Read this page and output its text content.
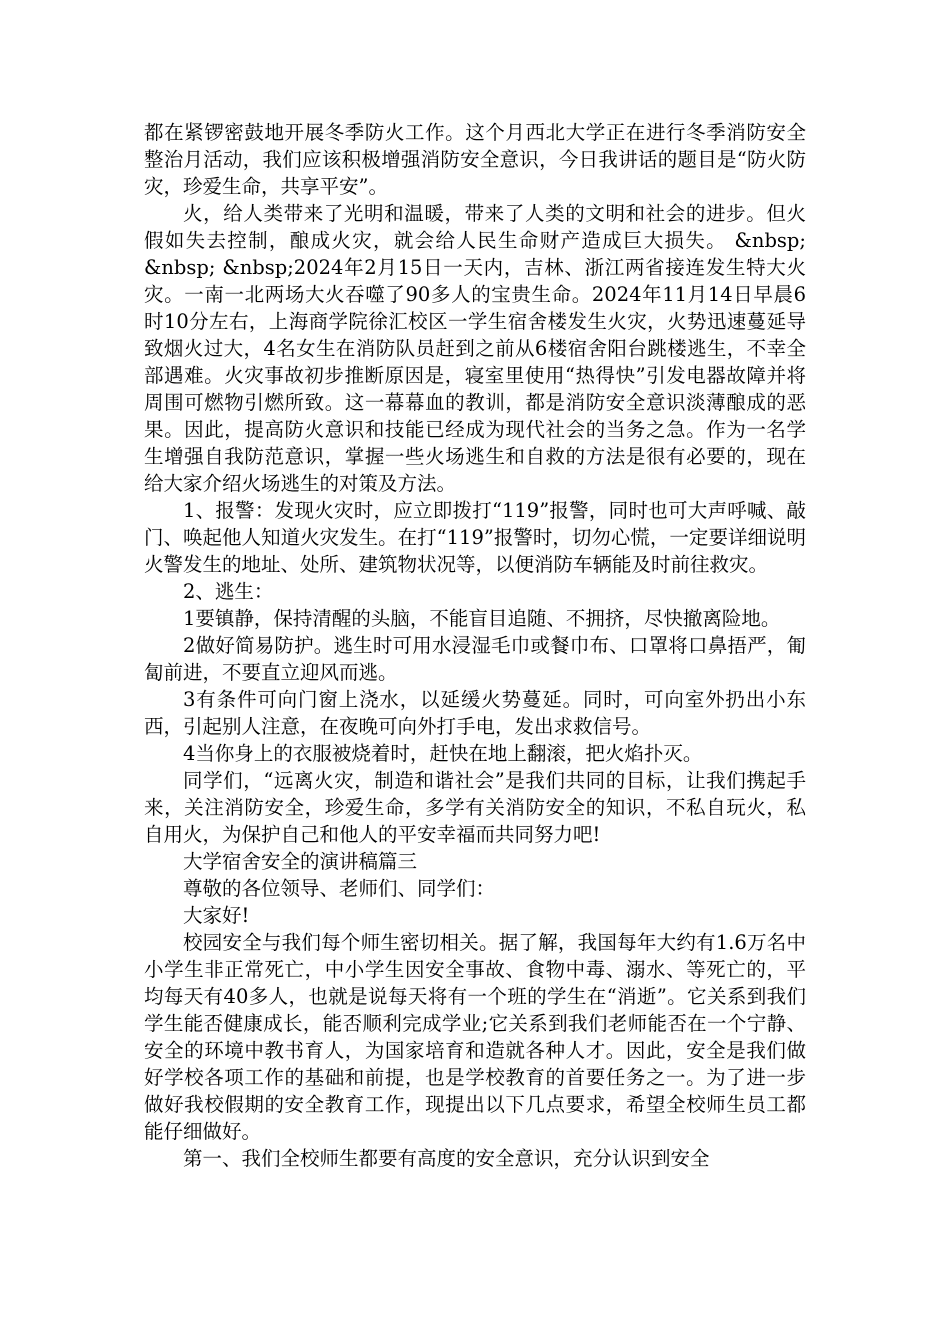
都在紧锣密鼓地开展冬季防火工作。这个月西北大学正在进行冬季消防安全整治月活动，我们应该积极增强消防安全意识，今日我讲话的题目是“防火防灾，珍爱生命，共享平安”。

火，给人类带来了光明和温暖，带来了人类的文明和社会的进步。但火假如失去控制，酿成火灾，就会给人民生命财产造成巨大损失。 &nbsp; &nbsp; &nbsp;2024年2月15日一天内，吉林、浙江两省接连发生特大火灾。一南一北两场大火吞噬了90多人的宝贵生命。2024年11月14日早晨6时10分左右，上海商学院徐汇校区一学生宿舍楼发生火灾，火势迅速蔓延导致烟火过大，4名女生在消防队员赶到之前从6楼宿舍阳台跳楼逃生，不幸全部遇难。火灾事故初步推断原因是，寝室里使用“热得快”引发电器故障并将周围可燃物引燃所致。这一幕幕血的教训，都是消防安全意识淡薄酿成的恶果。因此，提高防火意识和技能已经成为现代社会的当务之急。作为一名学生增强自我防范意识，掌握一些火场逃生和自救的方法是很有必要的，现在给大家介绍火场逃生的对策及方法。

1、报警：发现火灾时，应立即拨打“119”报警，同时也可大声呼喊、敲门、唤起他人知道火灾发生。在打“119”报警时，切勿心慌，一定要详细说明火警发生的地址、处所、建筑物状况等，以便消防车辆能及时前往救灾。

2、逃生：

1要镇静，保持清醒的头脑，不能盲目追随、不拥挤，尽快撤离险地。

2做好简易防护。逃生时可用水浸湿毛巾或餐巾布、口罩将口鼻捂严，匍匐前进，不要直立迎风而逃。

3有条件可向门窗上浇水，以延缓火势蔓延。同时，可向室外扔出小东西，引起别人注意，在夜晚可向外打手电，发出求救信号。

4当你身上的衣服被烧着时，赶快在地上翻滚，把火焰扑灭。

同学们，“远离火灾，制造和谐社会”是我们共同的目标，让我们携起手来，关注消防安全，珍爱生命，多学有关消防安全的知识，不私自玩火，私自用火，为保护自己和他人的平安幸福而共同努力吧!

大学宿舍安全的演讲稿篇三

尊敬的各位领导、老师们、同学们：

大家好!

校园安全与我们每个师生密切相关。据了解，我国每年大约有1.6万名中小学生非正常死亡，中小学生因安全事故、食物中毒、溺水、等死亡的，平均每天有40多人，也就是说每天将有一个班的学生在“消逝”。它关系到我们学生能否健康成长，能否顺利完成学业;它关系到我们老师能否在一个宁静、安全的环境中教书育人，为国家培育和造就各种人才。因此，安全是我们做好学校各项工作的基础和前提，也是学校教育的首要任务之一。为了进一步做好我校假期的安全教育工作，现提出以下几点要求，希望全校师生员工都能仔细做好。

第一、我们全校师生都要有高度的安全意识，充分认识到安全
